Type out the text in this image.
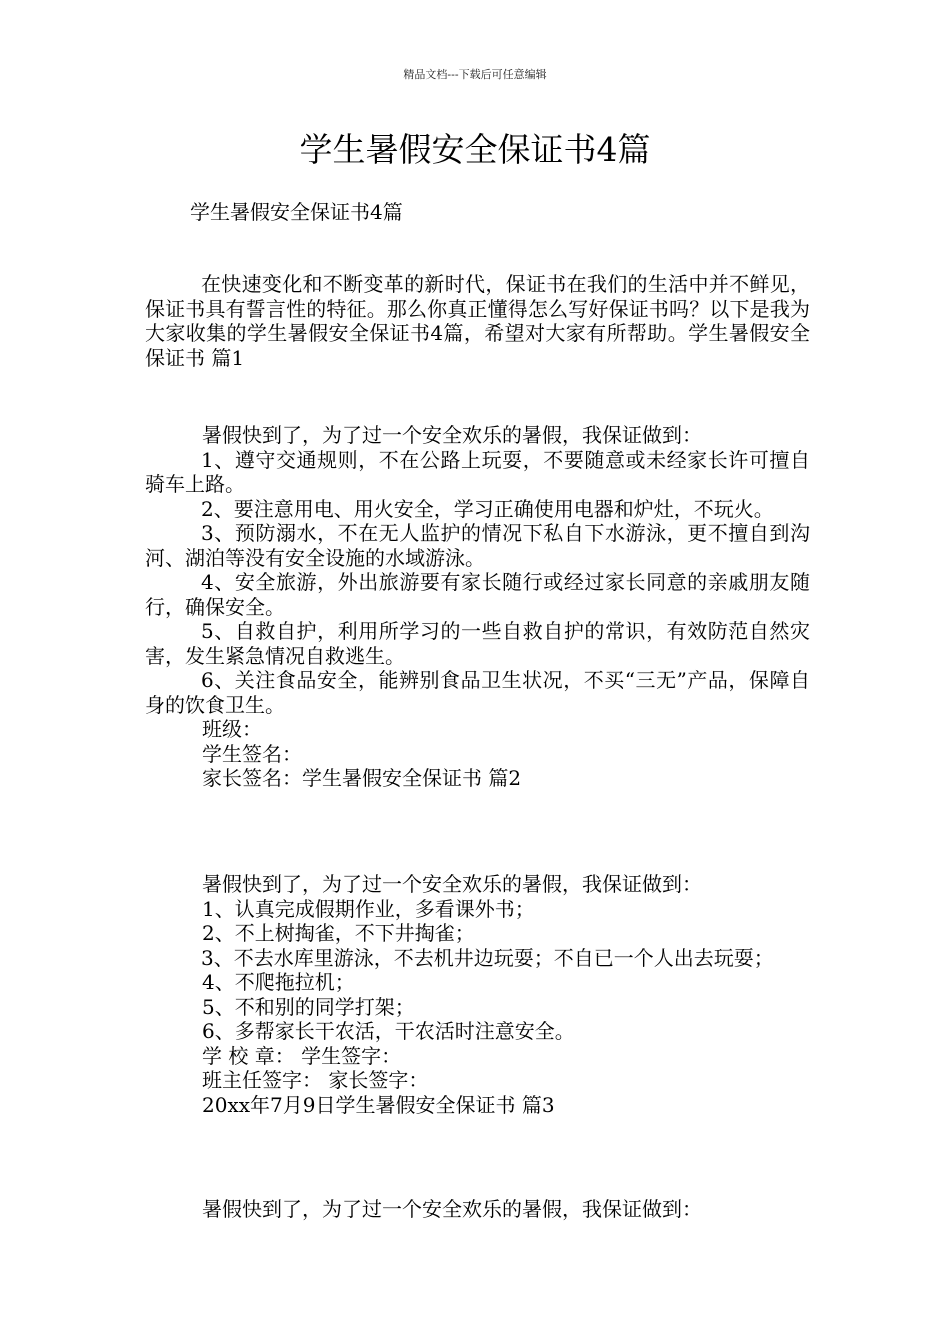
精品文档---下载后可任意编辑
学生暑假安全保证书4篇
学生暑假安全保证书4篇

在快速变化和不断变革的新时代，保证书在我们的生活中并不鲜见，保证书具有誓言性的特征。那么你真正懂得怎么写好保证书吗？以下是我为大家收集的学生暑假安全保证书4篇，希望对大家有所帮助。学生暑假安全保证书 篇1

暑假快到了，为了过一个安全欢乐的暑假，我保证做到：

1、遵守交通规则，不在公路上玩耍，不要随意或未经家长许可擅自骑车上路。

2、要注意用电、用火安全，学习正确使用电器和炉灶，不玩火。

3、预防溺水，不在无人监护的情况下私自下水游泳，更不擅自到沟河、湖泊等没有安全设施的水域游泳。

4、安全旅游，外出旅游要有家长随行或经过家长同意的亲戚朋友随行，确保安全。

5、自救自护，利用所学习的一些自救自护的常识，有效防范自然灾害，发生紧急情况自救逃生。

6、关注食品安全，能辨别食品卫生状况，不买“三无”产品，保障自身的饮食卫生。

班级：

学生签名：

家长签名：学生暑假安全保证书 篇2

暑假快到了，为了过一个安全欢乐的暑假，我保证做到：

1、认真完成假期作业，多看课外书；

2、不上树掏雀，不下井掏雀；

3、不去水库里游泳，不去机井边玩耍；不自已一个人出去玩耍；

4、不爬拖拉机；

5、不和别的同学打架；

6、多帮家长干农活，干农活时注意安全。

学 校 章： 学生签字：

班主任签字： 家长签字：

20xx年7月9日学生暑假安全保证书 篇3

暑假快到了，为了过一个安全欢乐的暑假，我保证做到：
